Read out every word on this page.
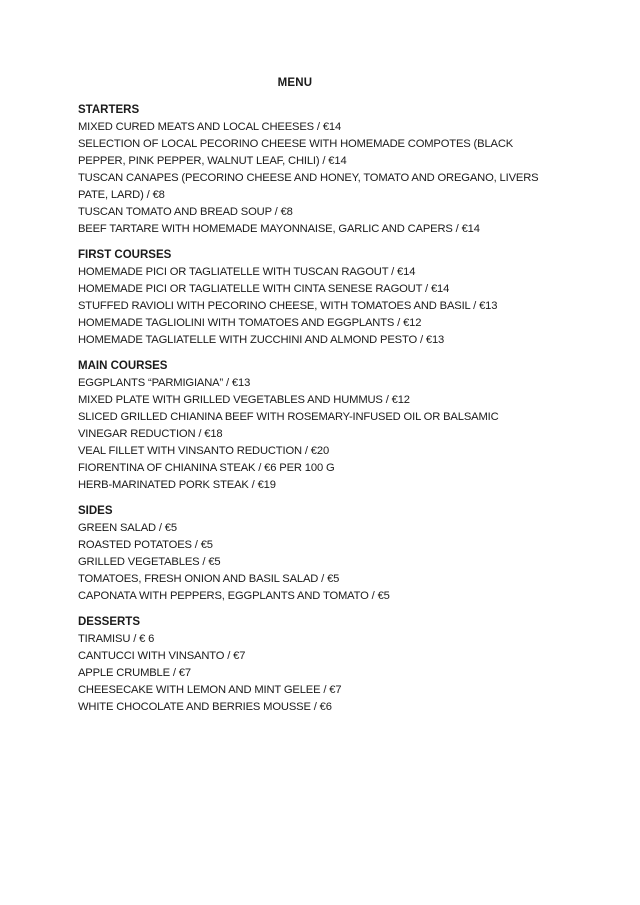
MENU
STARTERS
MIXED CURED MEATS AND LOCAL CHEESES / €14
SELECTION OF LOCAL PECORINO CHEESE WITH HOMEMADE COMPOTES (BLACK
PEPPER, PINK PEPPER, WALNUT LEAF, CHILI) / €14
TUSCAN CANAPES (PECORINO CHEESE AND HONEY, TOMATO AND OREGANO, LIVERS
PATE, LARD) / €8
TUSCAN TOMATO AND BREAD SOUP / €8
BEEF TARTARE WITH HOMEMADE MAYONNAISE, GARLIC AND CAPERS / €14
FIRST COURSES
HOMEMADE PICI OR TAGLIATELLE WITH TUSCAN RAGOUT / €14
HOMEMADE PICI OR TAGLIATELLE WITH CINTA SENESE RAGOUT / €14
STUFFED RAVIOLI WITH PECORINO CHEESE, WITH TOMATOES AND BASIL / €13
HOMEMADE TAGLIOLINI WITH TOMATOES AND EGGPLANTS / €12
HOMEMADE TAGLIATELLE WITH ZUCCHINI AND ALMOND PESTO / €13
MAIN COURSES
EGGPLANTS “PARMIGIANA” / €13
MIXED PLATE WITH GRILLED VEGETABLES AND HUMMUS / €12
SLICED GRILLED CHIANINA BEEF WITH ROSEMARY-INFUSED OIL OR BALSAMIC
VINEGAR REDUCTION / €18
VEAL FILLET WITH VINSANTO REDUCTION / €20
FIORENTINA OF CHIANINA STEAK / €6 PER 100 G
HERB-MARINATED PORK STEAK / €19
SIDES
GREEN SALAD / €5
ROASTED POTATOES / €5
GRILLED VEGETABLES / €5
TOMATOES, FRESH ONION AND BASIL SALAD / €5
CAPONATA WITH PEPPERS, EGGPLANTS AND TOMATO / €5
DESSERTS
TIRAMISU / € 6
CANTUCCI WITH VINSANTO / €7
APPLE CRUMBLE / €7
CHEESECAKE WITH LEMON AND MINT GELEE / €7
WHITE CHOCOLATE AND BERRIES MOUSSE / €6
